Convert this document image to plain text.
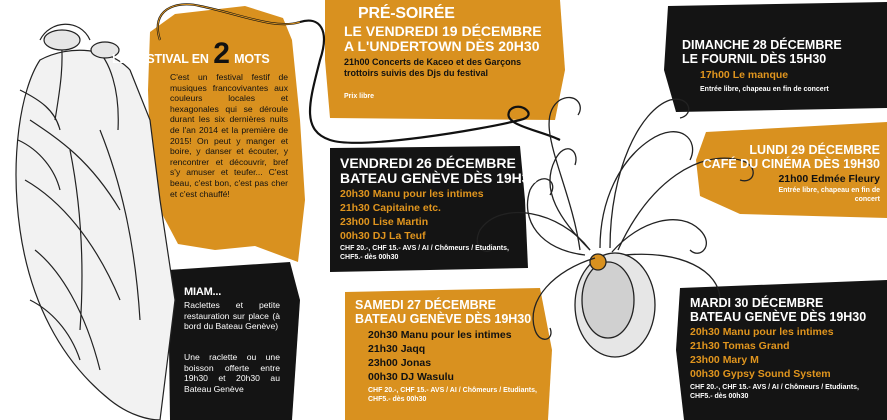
LE FESTIVAL EN 2 MOTS
C'est un festival festif de musiques francovivantes aux couleurs locales et hexagonales qui se déroule durant les six dernières nuits de l'an 2014 et la première de 2015! On peut y manger et boire, y danser et écouter, y rencontrer et découvrir, bref s'y amuser et teufer... C'est beau, c'est bon, c'est pas cher et c'est chauffé!
MIAM...
Raclettes et petite restauration sur place (à bord du Bateau Genève)
Une raclette ou une boisson offerte entre 19h30 et 20h30 au Bateau Genève
PRÉ-SOIRÉE
LE VENDREDI 19 DÉCEMBRE
A L'UNDERTOWN DÈS 20H30
21h00 Concerts de Kaceo et des Garçons trottoirs suivis des Djs du festival
Prix libre
VENDREDI 26 DÉCEMBRE
BATEAU GENÈVE DÈS 19H30
20h30 Manu pour les intimes
21h30 Capitaine etc.
23h00 Lise Martin
00h30 DJ La Teuf
CHF 20.-, CHF 15.- AVS / AI / Chômeurs / Etudiants, CHF5.- dès 00h30
SAMEDI 27 DÉCEMBRE
BATEAU GENÈVE DÈS 19H30
20h30 Manu pour les intimes
21h30 Jaqq
23h00 Jonas
00h30 DJ Wasulu
CHF 20.-, CHF 15.- AVS / AI / Chômeurs / Etudiants, CHF5.- dès 00h30
DIMANCHE 28 DÉCEMBRE
LE FOURNIL DÈS 15H30
17h00 Le manque
Entrée libre, chapeau en fin de concert
LUNDI 29 DÉCEMBRE
CAFÉ DU CINÉMA DÈS 19H30
21h00 Edmée Fleury
Entrée libre, chapeau en fin de concert
MARDI 30 DÉCEMBRE
BATEAU GENÈVE DÈS 19H30
20h30 Manu pour les intimes
21h30 Tomas Grand
23h00 Mary M
00h30 Gypsy Sound System
CHF 20.-, CHF 15.- AVS / AI / Chômeurs / Etudiants, CHF5.- dès 00h30
